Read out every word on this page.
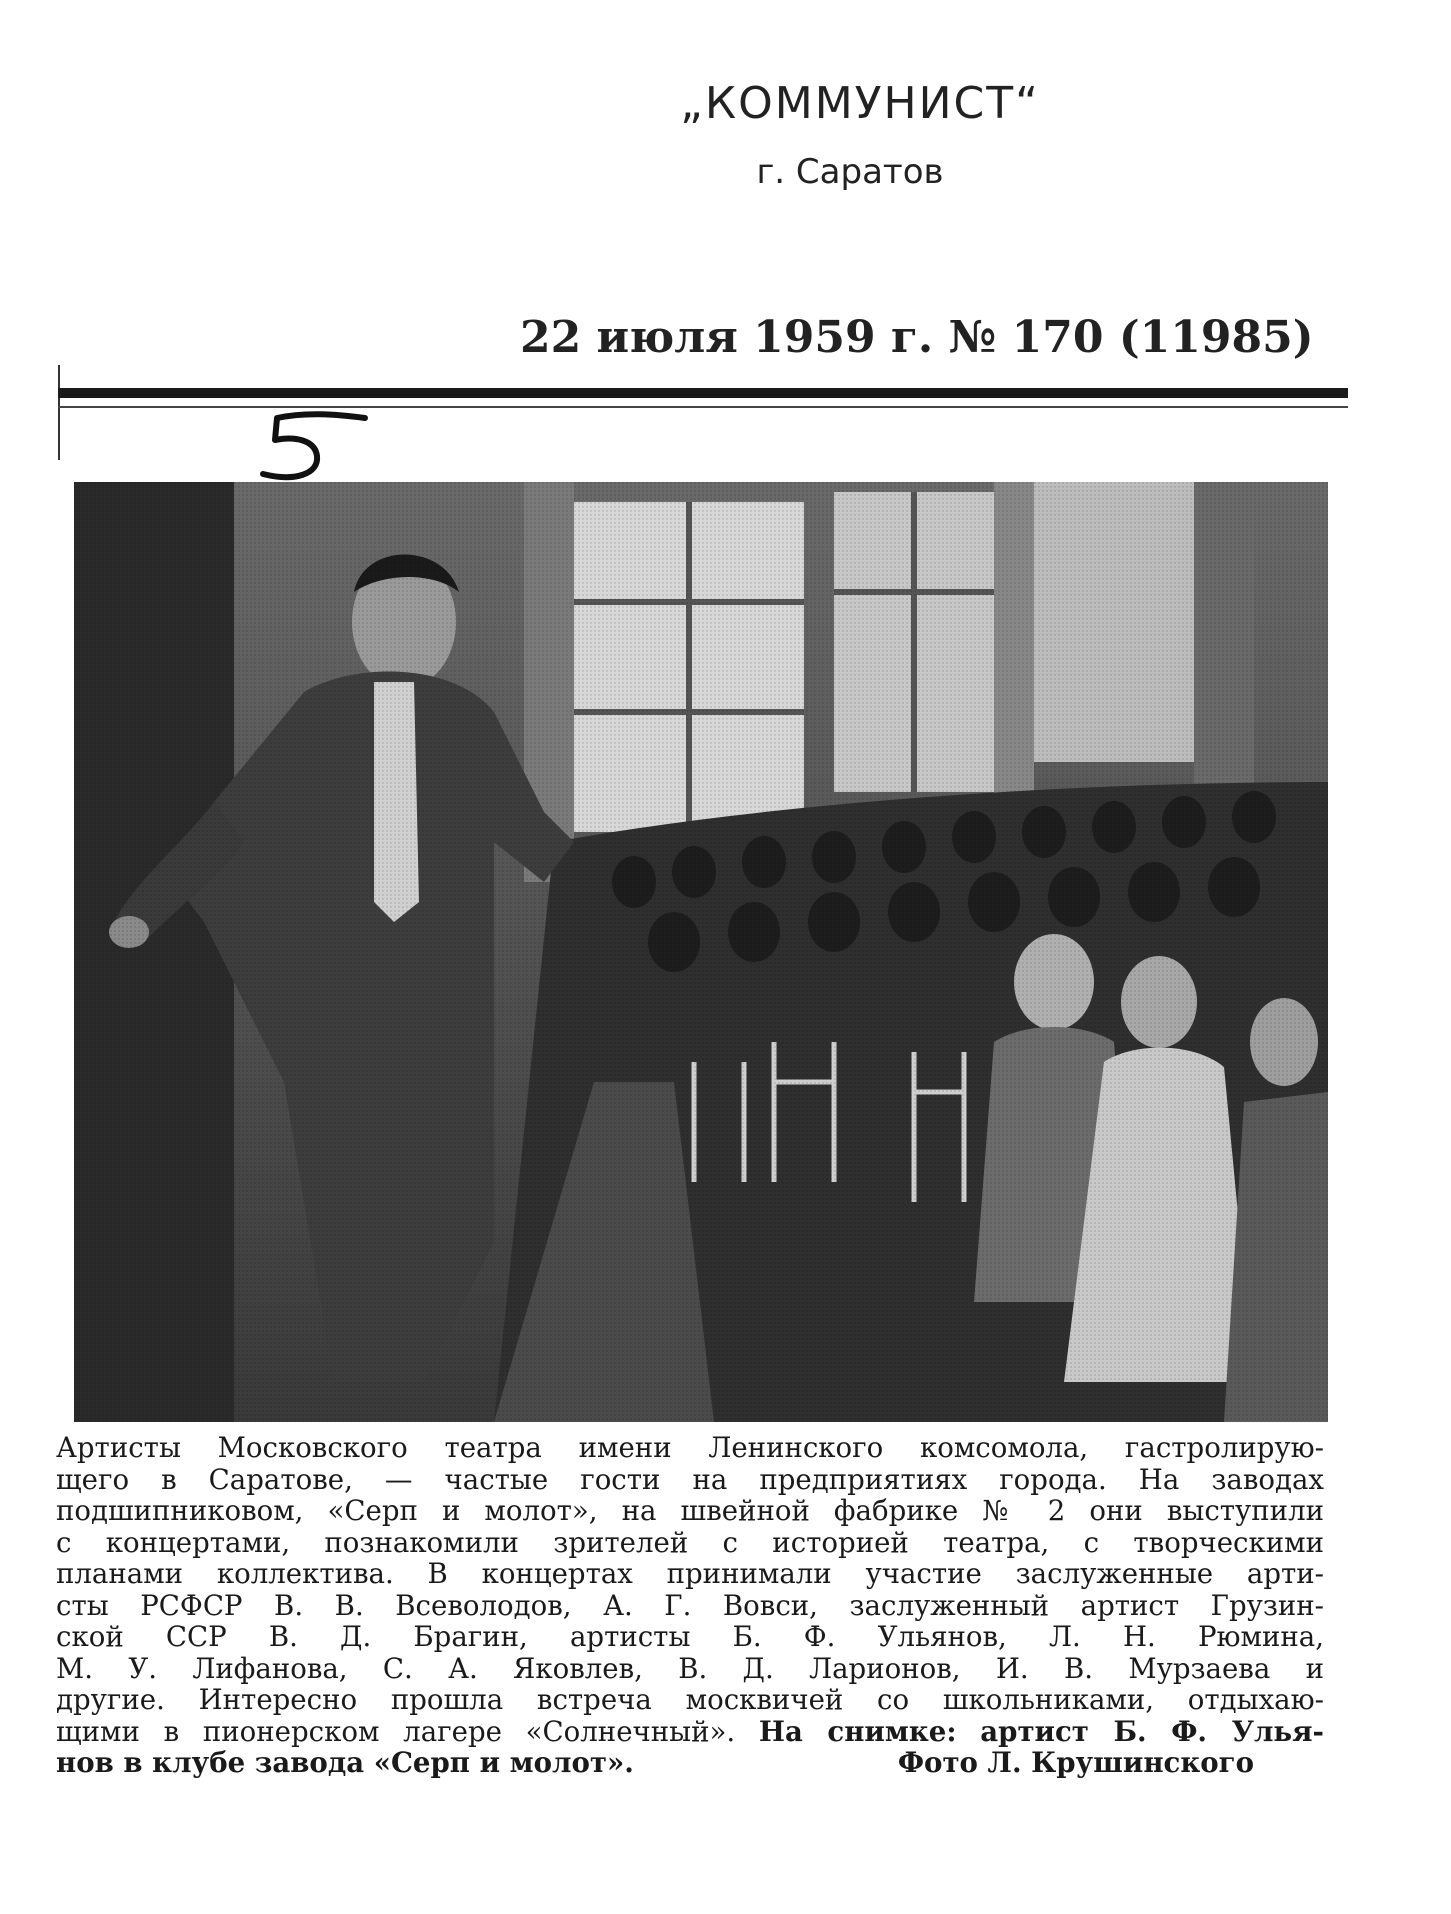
„КОММУНИСТ“
г. Саратов
22 июля 1959 г. № 170 (11985)
Артисты Московского театра имени Ленинского комсомола, гастролирую-
щего в Саратове, — частые гости на предприятиях города. На заводах
подшипниковом, «Серп и молот», на швейной фабрике № 2 они выступили
с концертами, познакомили зрителей с историей театра, с творческими
планами коллектива. В концертах принимали участие заслуженные арти-
сты РСФСР В. В. Всеволодов, А. Г. Вовси, заслуженный артист Грузин-
ской ССР В. Д. Брагин, артисты Б. Ф. Ульянов, Л. Н. Рюмина,
М. У. Лифанова, С. А. Яковлев, В. Д. Ларионов, И. В. Мурзаева и
другие. Интересно прошла встреча москвичей со школьниками, отдыхаю-
щими в пионерском лагере «Солнечный». На снимке: артист Б. Ф. Улья-
нов в клубе завода «Серп и молот».	Фото Л. Крушинского
